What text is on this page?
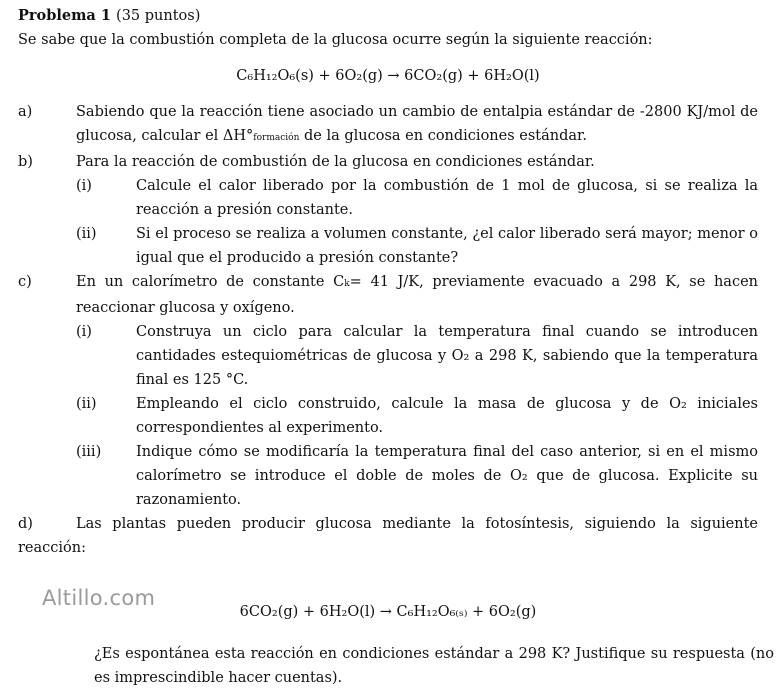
Problema 1 (35 puntos)
Se sabe que la combustión completa de la glucosa ocurre según la siguiente reacción:
C₆H₁₂O₆(s) + 6O₂(g) → 6CO₂(g) + 6H₂O(l)
a)	Sabiendo que la reacción tiene asociado un cambio de entalpia estándar de -2800 KJ/mol de glucosa, calcular el ΔH°formación de la glucosa en condiciones estándar.
b)	Para la reacción de combustión de la glucosa en condiciones estándar.
(i)	Calcule el calor liberado por la combustión de 1 mol de glucosa, si se realiza la reacción a presión constante.
(ii)	Si el proceso se realiza a volumen constante, ¿el calor liberado será mayor; menor o igual que el producido a presión constante?
c)	En un calorímetro de constante Ck= 41 J/K, previamente evacuado a 298 K, se hacen reaccionar glucosa y oxígeno.
(i)	Construya un ciclo para calcular la temperatura final cuando se introducen cantidades estequiométricas de glucosa y O₂ a 298 K, sabiendo que la temperatura final es 125 °C.
(ii)	Empleando el ciclo construido, calcule la masa de glucosa y de O₂ iniciales correspondientes al experimento.
(iii)	Indique cómo se modificaría la temperatura final del caso anterior, si en el mismo calorímetro se introduce el doble de moles de O₂ que de glucosa. Explicite su razonamiento.
d)	Las plantas pueden producir glucosa mediante la fotosíntesis, siguiendo la siguiente reacción:
6CO₂(g) + 6H₂O(l) → C₆H₁₂O₆₍ₛ₎ + 6O₂(g)
¿Es espontánea esta reacción en condiciones estándar a 298 K? Justifique su respuesta (no es imprescindible hacer cuentas).
Altillo.com
